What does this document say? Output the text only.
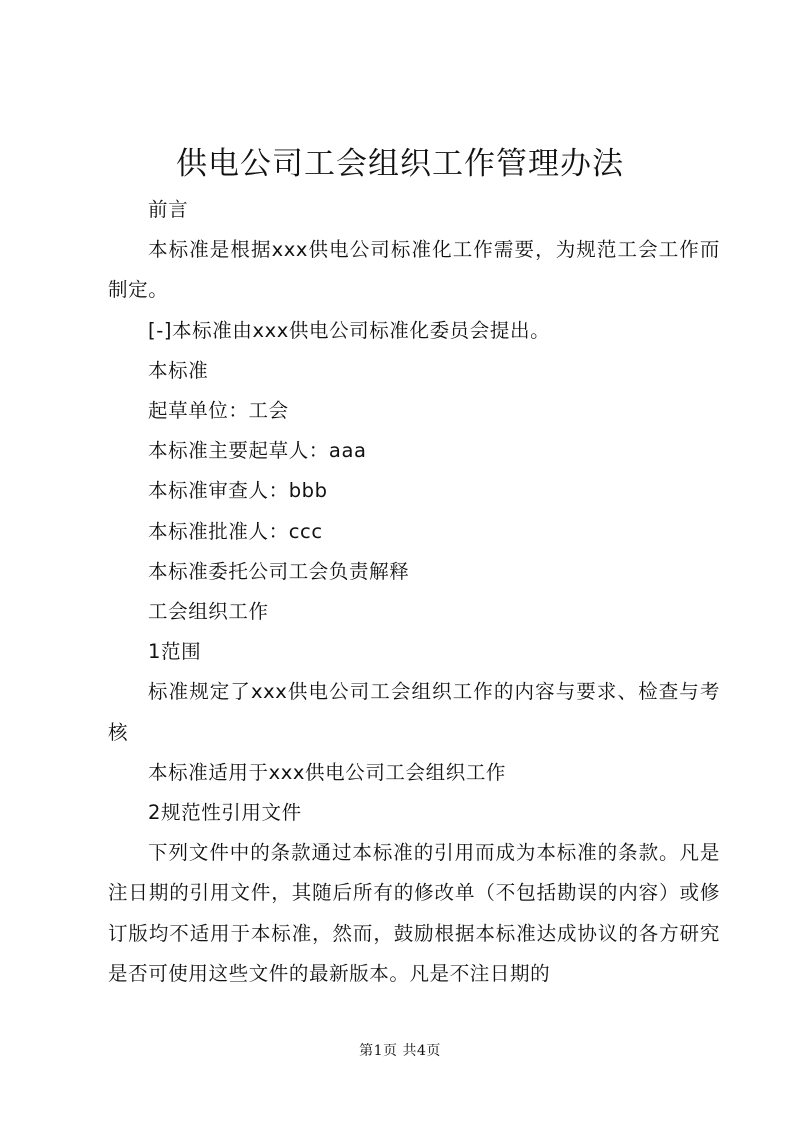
供电公司工会组织工作管理办法

前言

本标准是根据xxx供电公司标准化工作需要，为规范工会工作而制定。

[-]本标准由xxx供电公司标准化委员会提出。

本标准

起草单位：工会

本标准主要起草人：aaa

本标准审查人：bbb

本标准批准人：ccc

本标准委托公司工会负责解释

工会组织工作

1范围

标准规定了xxx供电公司工会组织工作的内容与要求、检查与考核

本标准适用于xxx供电公司工会组织工作

2规范性引用文件

下列文件中的条款通过本标准的引用而成为本标准的条款。凡是注日期的引用文件，其随后所有的修改单（不包括勘误的内容）或修订版均不适用于本标准，然而，鼓励根据本标准达成协议的各方研究是否可使用这些文件的最新版本。凡是不注日期的

第1页 共4页
